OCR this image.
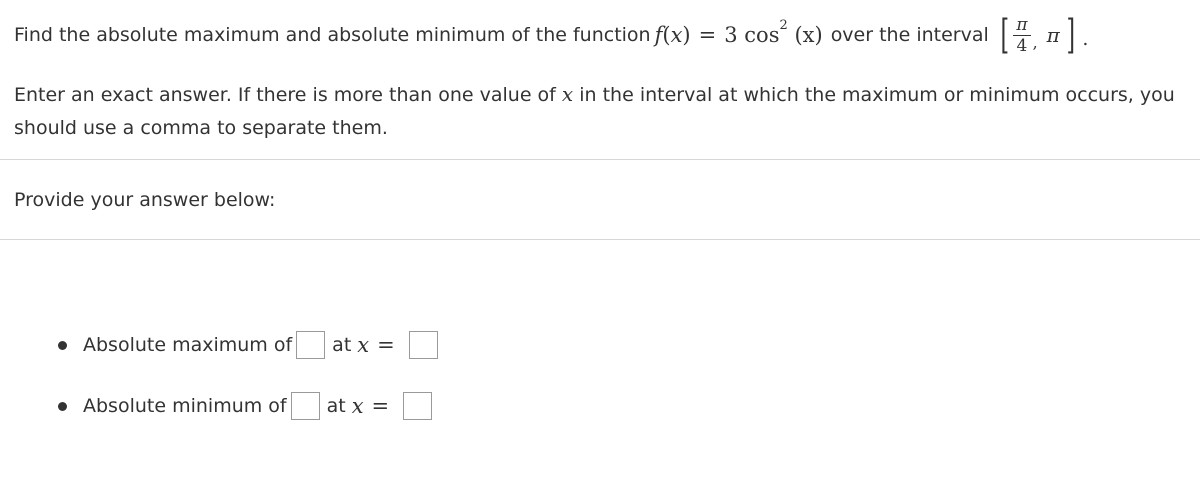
Find the absolute maximum and absolute minimum of the function f ( x ) = 3
$\cos^2$
(x) over the interval [ $\frac{\pi}{4}$ , π ] .
Enter an exact answer. If there is more than one value of x in the interval at which the maximum or minimum occurs, you should use a comma to separate them.
Provide your answer below:
Absolute maximum of at x =
Absolute minimum of at x =
